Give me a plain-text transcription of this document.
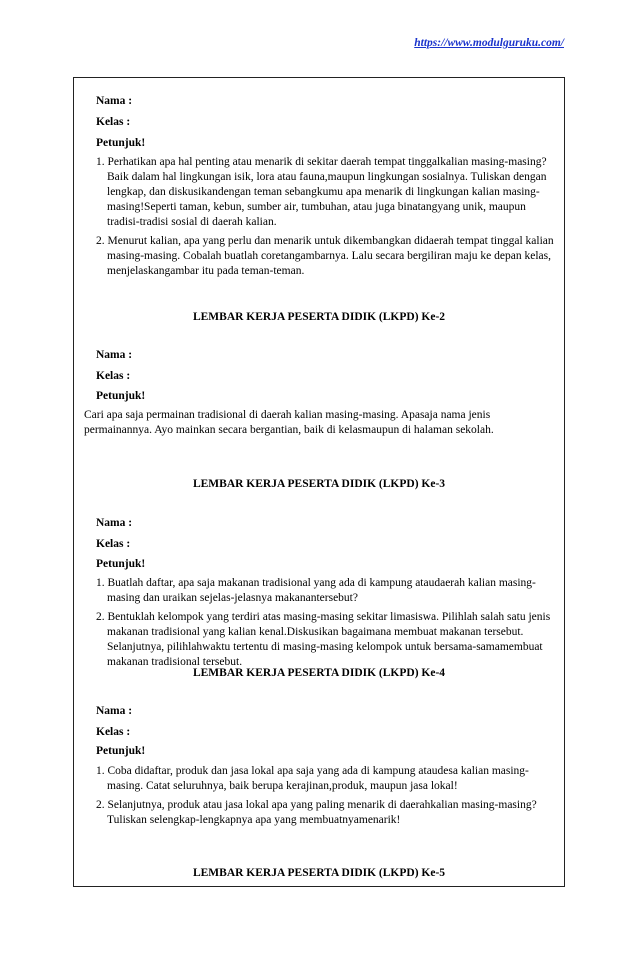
https://www.modulguruku.com/
Nama :
Kelas :
Petunjuk!

1. Perhatikan apa hal penting atau menarik di sekitar daerah tempat tinggalkalian masing-masing? Baik dalam hal lingkungan isik, lora atau fauna,maupun lingkungan sosialnya. Tuliskan dengan lengkap, dan diskusikandengan teman sebangkumu apa menarik di lingkungan kalian masing-masing!Seperti taman, kebun, sumber air, tumbuhan, atau juga binatangyang unik, maupun tradisi-tradisi sosial di daerah kalian.

2. Menurut kalian, apa yang perlu dan menarik untuk dikembangkan didaerah tempat tinggal kalian masing-masing. Cobalah buatlah coretangambarnya. Lalu secara bergiliran maju ke depan kelas, menjelaskangambar itu pada teman-teman.

LEMBAR KERJA PESERTA DIDIK (LKPD) Ke-2
Nama :
Kelas :
Petunjuk!

Cari apa saja permainan tradisional di daerah kalian masing-masing. Apasaja nama jenis permainannya. Ayo mainkan secara bergantian, baik di kelasmaupun di halaman sekolah.

LEMBAR KERJA PESERTA DIDIK (LKPD) Ke-3
Nama :
Kelas :
Petunjuk!

1. Buatlah daftar, apa saja makanan tradisional yang ada di kampung ataudaerah kalian masing-masing dan uraikan sejelas-jelasnya makanantersebut?

2. Bentuklah kelompok yang terdiri atas masing-masing sekitar limasiswa. Pilihlah salah satu jenis makanan tradisional yang kalian kenal.Diskusikan bagaimana membuat makanan tersebut. Selanjutnya, pilihlahwaktu tertentu di masing-masing kelompok untuk bersama-samamembuat makanan tradisional tersebut.

LEMBAR KERJA PESERTA DIDIK (LKPD) Ke-4
Nama :
Kelas :
Petunjuk!

1. Coba didaftar, produk dan jasa lokal apa saja yang ada di kampung ataudesa kalian masing-masing. Catat seluruhnya, baik berupa kerajinan,produk, maupun jasa lokal!

2. Selanjutnya, produk atau jasa lokal apa yang paling menarik di daerahkalian masing-masing? Tuliskan selengkap-lengkapnya apa yang membuatnyamenarik!

LEMBAR KERJA PESERTA DIDIK (LKPD) Ke-5
